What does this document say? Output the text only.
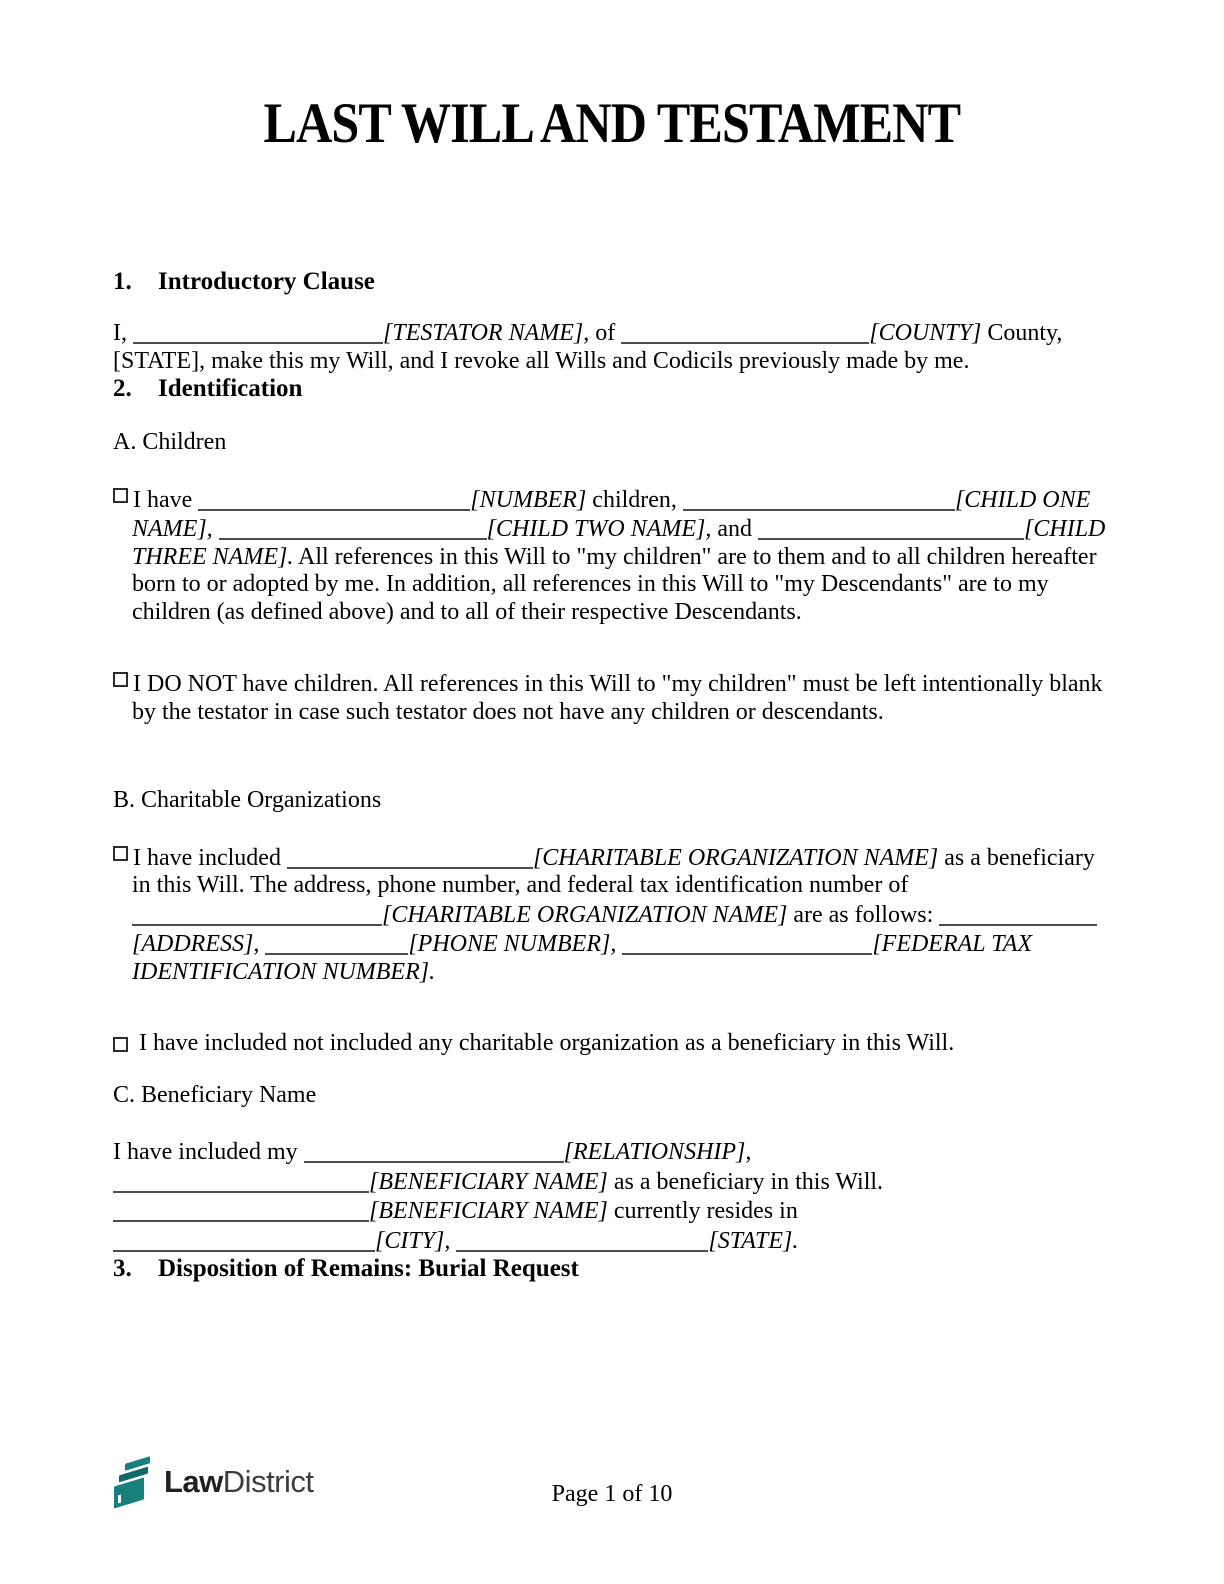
LAST WILL AND TESTAMENT
1. Introductory Clause

I,	[TESTATOR NAME], of	[COUNTY] County, [STATE], make this my Will, and I revoke all Wills and Codicils previously made by me.

2. Identification

A. Children

I have	[NUMBER] children,	[CHILD ONE NAME],	[CHILD TWO NAME], and	[CHILD THREE NAME]. All references in this Will to "my children" are to them and to all children hereafter born to or adopted by me. In addition, all references in this Will to "my Descendants" are to my children (as defined above) and to all of their respective Descendants.

I DO NOT have children. All references in this Will to "my children" must be left intentionally blank by the testator in case such testator does not have any children or descendants.

B. Charitable Organizations

I have included	[CHARITABLE ORGANIZATION NAME] as a beneficiary in this Will. The address, phone number, and federal tax identification number of [CHARITABLE ORGANIZATION NAME] are as follows: [ADDRESS],	[PHONE NUMBER],	[FEDERAL TAX IDENTIFICATION NUMBER].

I have included not included any charitable organization as a beneficiary in this Will.

C. Beneficiary Name

I have included my	[RELATIONSHIP],
[BENEFICIARY NAME] as a beneficiary in this Will.
[BENEFICIARY NAME] currently resides in
[CITY],	[STATE].

3. Disposition of Remains: Burial Request
LawDistrict	Page 1 of 10
